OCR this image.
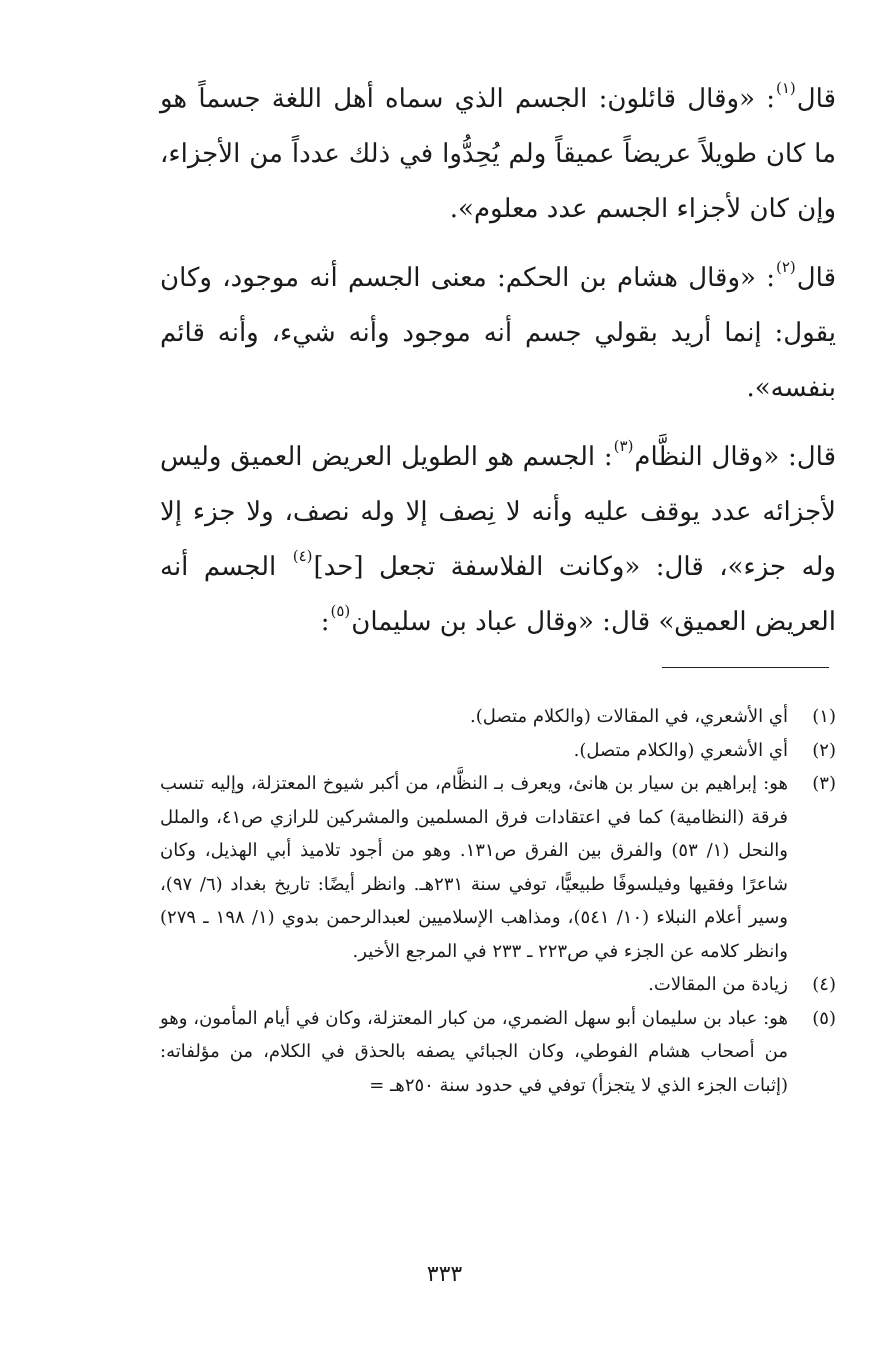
قال$^{(١)}$: «وقال قائلون: الجسم الذي سماه أهل اللغة جسماً هو ما كان طويلاً عريضاً عميقاً ولم يُحِدُّوا في ذلك عدداً من الأجزاء، وإن كان لأجزاء الجسم عدد معلوم».

قال$^{(٢)}$: «وقال هشام بن الحكم: معنى الجسم أنه موجود، وكان يقول: إنما أريد بقولي جسم أنه موجود وأنه شيء، وأنه قائم بنفسه».

قال: «وقال النظَّام$^{(٣)}$: الجسم هو الطويل العريض العميق وليس لأجزائه عدد يوقف عليه وأنه لا نِصف إلا وله نصف، ولا جزء إلا وله جزء»، قال: «وكانت الفلاسفة تجعل [حد]$^{(٤)}$ الجسم أنه العريض العميق» قال: «وقال عباد بن سليمان$^{(٥)}$:

(١)
أي الأشعري، في المقالات (والكلام متصل).
(٢)
أي الأشعري (والكلام متصل).
(٣)
هو: إبراهيم بن سيار بن هانئ، ويعرف بـ النظَّام، من أكبر شيوخ المعتزلة، وإليه تنسب فرقة (النظامية) كما في اعتقادات فرق المسلمين والمشركين للرازي ص٤١، والملل والنحل (١/ ٥٣) والفرق بين الفرق ص١٣١. وهو من أجود تلاميذ أبي الهذيل، وكان شاعرًا وفقيها وفيلسوفًا طبيعيًّا، توفي سنة ٢٣١هـ. وانظر أيضًا: تاريخ بغداد (٦/ ٩٧)، وسير أعلام النبلاء (١٠/ ٥٤١)، ومذاهب الإسلاميين لعبدالرحمن بدوي (١/ ١٩٨ ـ ٢٧٩) وانظر كلامه عن الجزء في ص٢٢٣ ـ ٢٣٣ في المرجع الأخير.
(٤)
زيادة من المقالات.
(٥)
هو: عباد بن سليمان أبو سهل الضمري، من كبار المعتزلة، وكان في أيام المأمون، وهو من أصحاب هشام الفوطي، وكان الجبائي يصفه بالحذق في الكلام، من مؤلفاته: (إثبات الجزء الذي لا يتجزأ) توفي في حدود سنة ٢٥٠هـ =
٣٣٣
